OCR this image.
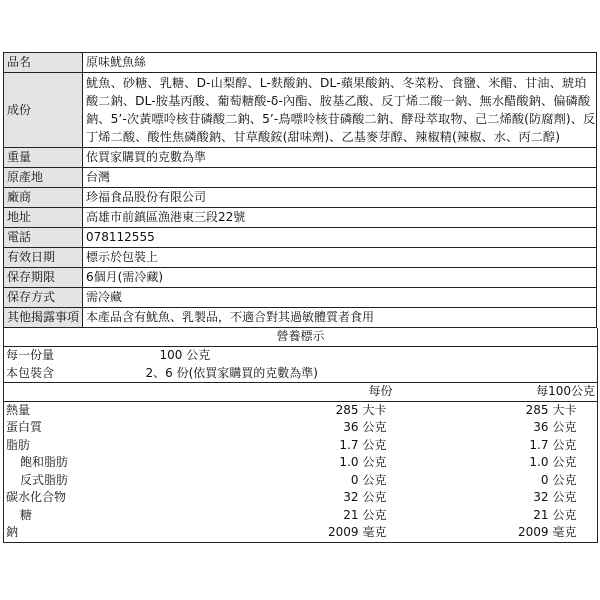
品名	原味魷魚絲
成份	魷魚、砂糖、乳糖、D-山梨醇、L-麩酸鈉、DL-蘋果酸鈉、冬菜粉、食鹽、米醋、甘油、琥珀酸二鈉、DL-胺基丙酸、葡萄糖酸-δ-內酯、胺基乙酸、反丁烯二酸一鈉、無水醋酸鈉、偏磷酸鈉、5’-次黃嘌呤核苷磷酸二鈉、5’-鳥嘌呤核苷磷酸二鈉、酵母萃取物、己二烯酸(防腐劑)、反丁烯二酸、酸性焦磷酸鈉、甘草酸銨(甜味劑)、乙基麥芽醇、辣椒精(辣椒、水、丙二醇)
重量	依買家購買的克數為準
原產地	台灣
廠商	珍福食品股份有限公司
地址	高雄市前鎮區漁港東三段22號
電話	078112555
有效日期	標示於包裝上
保存期限	6個月(需冷藏)
保存方式	需冷藏
其他揭露事項	本產品含有魷魚、乳製品，不適合對其過敏體質者食用
營養標示				
每一份量	100 公克			
本包裝含	2、6 份(依買家購買的克數為準)			
	每份		每100公克	
熱量	285	大卡	285	大卡
蛋白質	36	公克	36	公克
脂肪	1.7	公克	1.7	公克
飽和脂肪	1.0	公克	1.0	公克
反式脂肪	0	公克	0	公克
碳水化合物	32	公克	32	公克
糖	21	公克	21	公克
鈉	2009	毫克	2009	毫克
